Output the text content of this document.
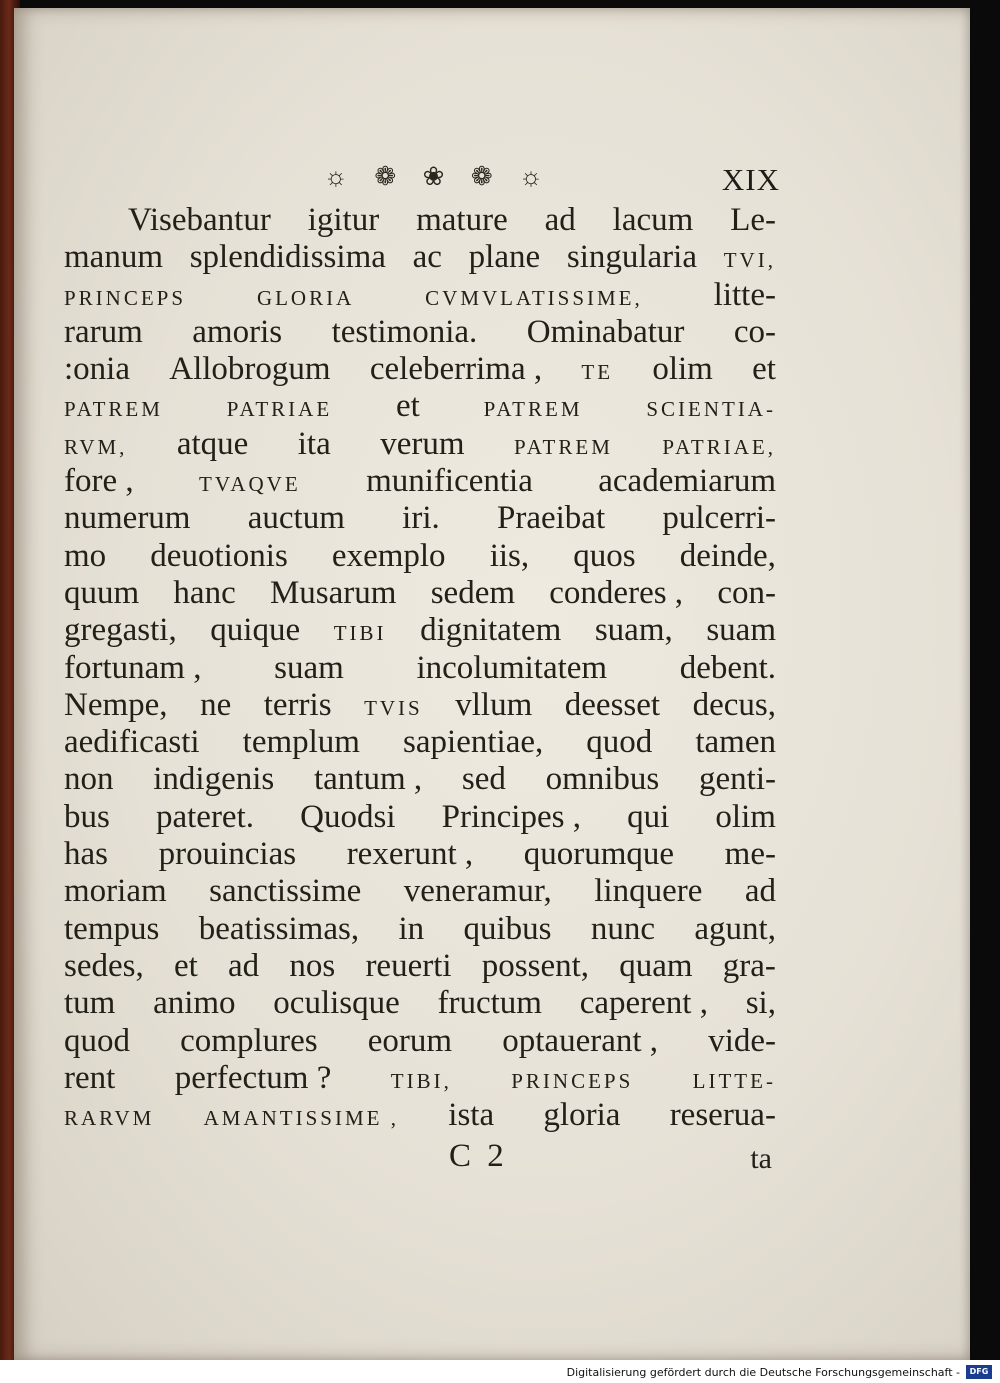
☼ ❁ ❀ ❁ ☼	XIX
Visebantur igitur mature ad lacum Le-
manum splendidissima ac plane singularia TVI,
PRINCEPS	GLORIA	CVMVLATISSIME, litte-
rarum amoris testimonia. Ominabatur co-
:onia Allobrogum celeberrima , TE olim et
PATREM	PATRIAE et	PATREM	SCIENTIA-
RVM, atque ita verum PATREM PATRIAE,
fore ,	TVAQVE munificentia academiarum
numerum auctum iri. Praeibat pulcerri-
mo deuotionis exemplo iis, quos deinde,
quum hanc Musarum sedem conderes , con-
gregasti, quique TIBI dignitatem suam, suam
fortunam , suam incolumitatem debent.
Nempe, ne terris TVIS vllum deesset decus,
aedificasti templum sapientiae, quod tamen
non indigenis tantum , sed omnibus genti-
bus pateret. Quodsi Principes , qui olim
has prouincias rexerunt , quorumque me-
moriam sanctissime veneramur, linquere ad
tempus beatissimas, in quibus nunc agunt,
sedes, et ad nos reuerti possent, quam gra-
tum animo oculisque fructum caperent , si,
quod complures eorum optauerant , vide-
rent perfectum ?	TIBI,	PRINCEPS	LITTE-
RARVM AMANTISSIME , ista gloria reserua-
C 2	ta
Digitalisierung gefördert durch die Deutsche Forschungsgemeinschaft -	DFG
